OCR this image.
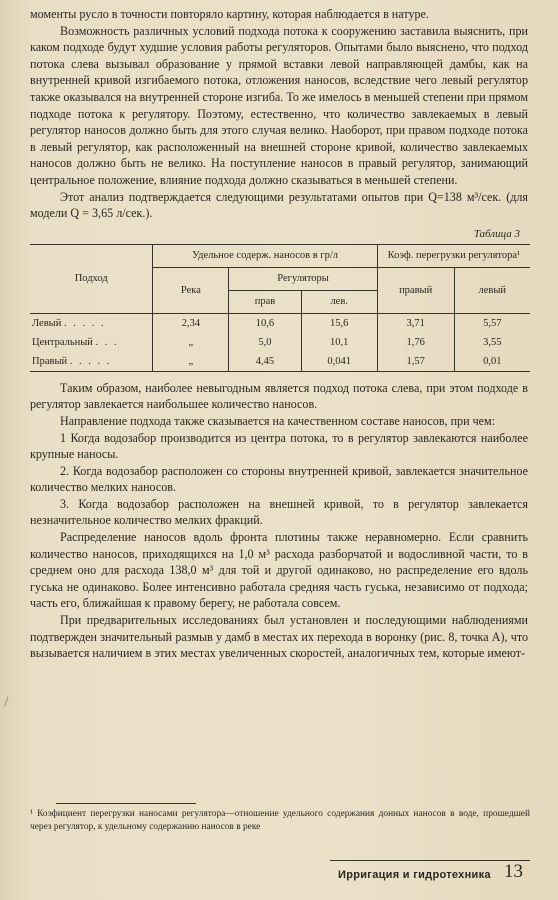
моменты русло в точности повторяло картину, которая наблюдается в натуре.

Возможность различных условий подхода потока к сооружению заставила выяснить, при каком подходе будут худшие условия работы регуляторов. Опытами было выяснено, что подход потока слева вызывал образование у прямой вставки левой направляющей дамбы, как на внутренней кривой изгибаемого потока, отложения наносов, вследствие чего левый регулятор также оказывался на внутренней стороне изгиба. То же имелось в меньшей степени при прямом подходе потока к регулятору. Поэтому, естественно, что количество завлекаемых в левый регулятор наносов должно быть для этого случая велико. Наоборот, при правом подходе потока в левый регулятор, как расположенный на внешней стороне кривой, количество завлекаемых наносов должно быть не велико. На поступление наносов в правый регулятор, занимающий центральное положение, влияние подхода должно сказываться в меньшей степени.

Этот анализ подтверждается следующими результатами опытов при Q=138 м³/сек. (для модели Q = 3,65 л/сек.).

Таблица 3
Подход	Удельное содерж. наносов в гр/л			Коэф. перегрузки регулятора¹	
	Река	Регуляторы		правый	левый
		прав	лев.		
Левый . . . . .	2,34	10,6	15,6	3,71	5,57
Центральный . . .	„	5,0	10,1	1,76	3,55
Правый . . . . .	„	4,45	0,041	1,57	0,01

Таким образом, наиболее невыгодным является подход потока слева, при этом подходе в регулятор завлекается наибольшее количество наносов.

Направление подхода также сказывается на качественном составе наносов, при чем:

1 Когда водозабор производится из центра потока, то в регулятор завлекаются наиболее крупные наносы.

2. Когда водозабор расположен со стороны внутренней кривой, завлекается значительное количество мелких наносов.

3. Когда водозабор расположен на внешней кривой, то в регулятор завлекается незначительное количество мелких фракций.

Распределение наносов вдоль фронта плотины также неравномерно. Если сравнить количество наносов, приходящихся на 1,0 м³ расхода разборчатой и водосливной части, то в среднем оно для расхода 138,0 м³ для той и другой одинаково, но распределение его вдоль гуська не одинаково. Более интенсивно работала средняя часть гуська, независимо от подхода; часть его, ближайшая к правому берегу, не работала совсем.

При предварительных исследованиях был установлен и последующими наблюдениями подтвержден значительный размыв у дамб в местах их перехода в воронку (рис. 8, точка А), что вызывается наличием в этих местах увеличенных скоростей, аналогичных тем, которые имеют-

/
¹ Коэфициент перегрузки наносами регулятора—отношение удельного содержания донных наносов в воде, прошедшей через регулятор, к удельному содержанию наносов в реке
Ирригация и гидротехника 13
